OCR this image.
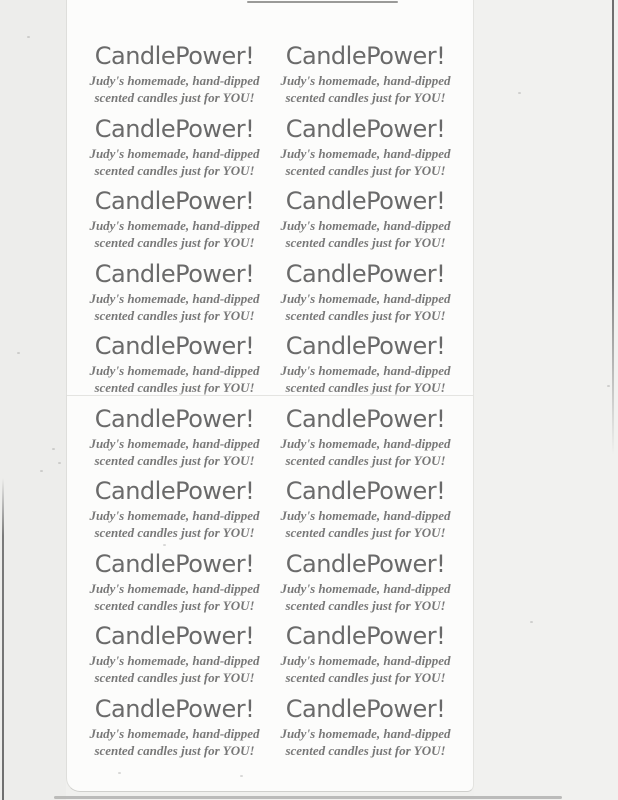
CandlePower!
Judy's homemade, hand-dipped
scented candles just for YOU!
CandlePower!
Judy's homemade, hand-dipped
scented candles just for YOU!
CandlePower!
Judy's homemade, hand-dipped
scented candles just for YOU!
CandlePower!
Judy's homemade, hand-dipped
scented candles just for YOU!
CandlePower!
Judy's homemade, hand-dipped
scented candles just for YOU!
CandlePower!
Judy's homemade, hand-dipped
scented candles just for YOU!
CandlePower!
Judy's homemade, hand-dipped
scented candles just for YOU!
CandlePower!
Judy's homemade, hand-dipped
scented candles just for YOU!
CandlePower!
Judy's homemade, hand-dipped
scented candles just for YOU!
CandlePower!
Judy's homemade, hand-dipped
scented candles just for YOU!
CandlePower!
Judy's homemade, hand-dipped
scented candles just for YOU!
CandlePower!
Judy's homemade, hand-dipped
scented candles just for YOU!
CandlePower!
Judy's homemade, hand-dipped
scented candles just for YOU!
CandlePower!
Judy's homemade, hand-dipped
scented candles just for YOU!
CandlePower!
Judy's homemade, hand-dipped
scented candles just for YOU!
CandlePower!
Judy's homemade, hand-dipped
scented candles just for YOU!
CandlePower!
Judy's homemade, hand-dipped
scented candles just for YOU!
CandlePower!
Judy's homemade, hand-dipped
scented candles just for YOU!
CandlePower!
Judy's homemade, hand-dipped
scented candles just for YOU!
CandlePower!
Judy's homemade, hand-dipped
scented candles just for YOU!
